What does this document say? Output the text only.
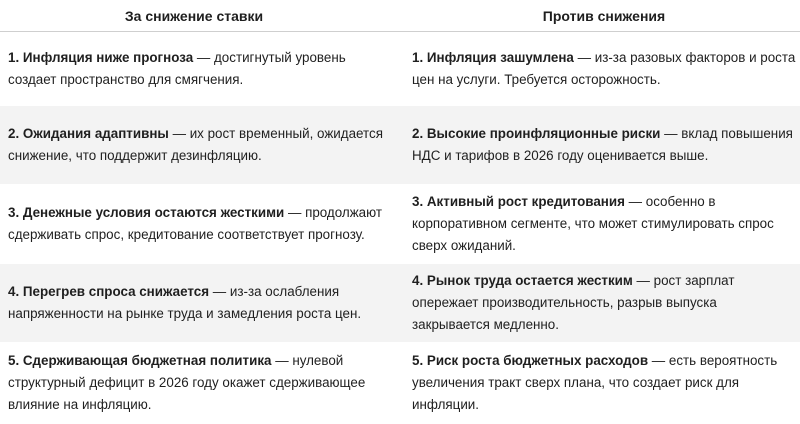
За снижение ставки	Против снижения
1. Инфляция ниже прогноза — достигнутый уровень создает пространство для смягчения.
1. Инфляция зашумлена — из-за разовых факторов и роста цен на услуги. Требуется осторожность.
2. Ожидания адаптивны — их рост временный, ожидается снижение, что поддержит дезинфляцию.
2. Высокие проинфляционные риски — вклад повышения НДС и тарифов в 2026 году оценивается выше.
3. Денежные условия остаются жесткими — продолжают сдерживать спрос, кредитование соответствует прогнозу.
3. Активный рост кредитования — особенно в корпоративном сегменте, что может стимулировать спрос сверх ожиданий.
4. Перегрев спроса снижается — из-за ослабления напряженности на рынке труда и замедления роста цен.
4. Рынок труда остается жестким — рост зарплат опережает производительность, разрыв выпуска закрывается медленно.
5. Сдерживающая бюджетная политика — нулевой структурный дефицит в 2026 году окажет сдерживающее влияние на инфляцию.
5. Риск роста бюджетных расходов — есть вероятность увеличения тракт сверх плана, что создает риск для инфляции.
